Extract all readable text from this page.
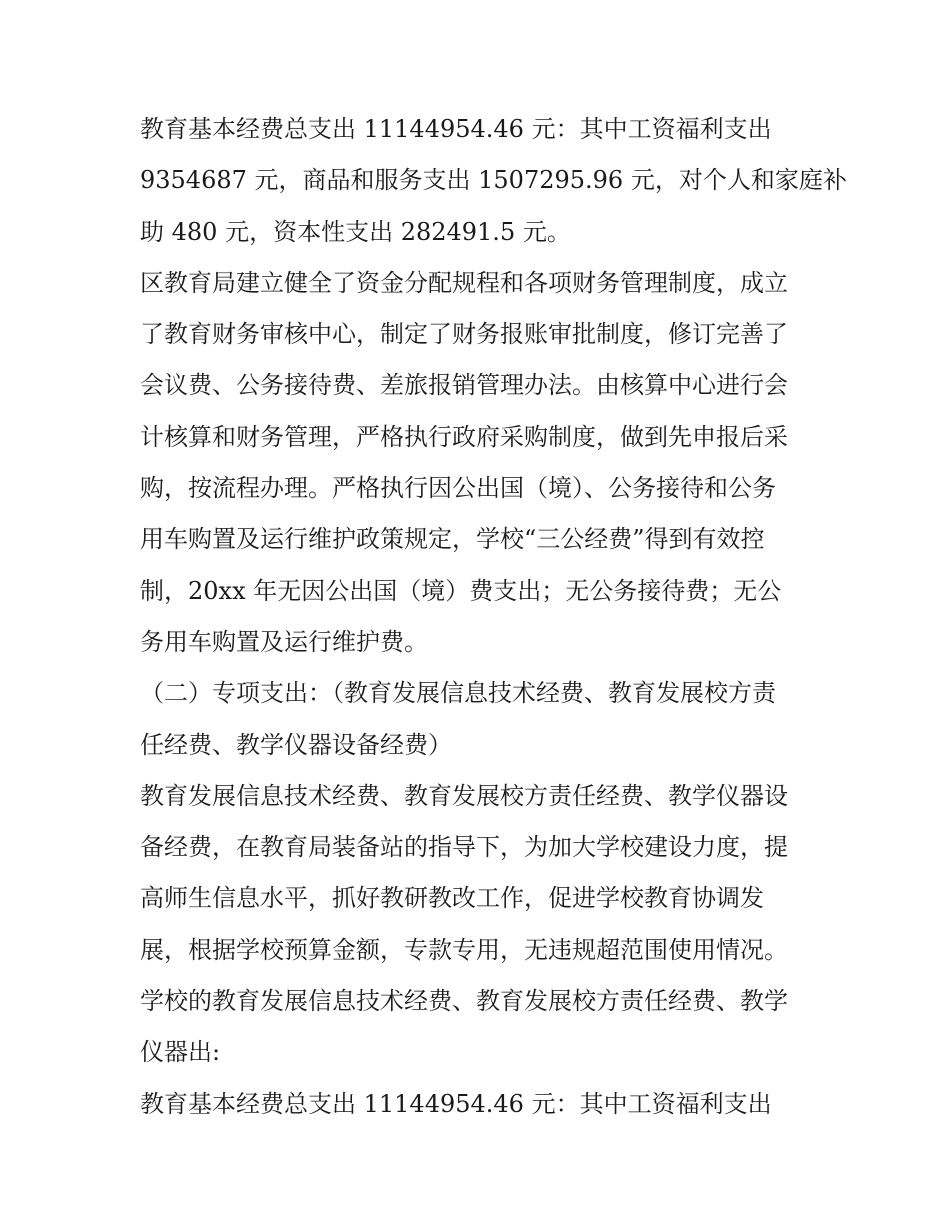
教育基本经费总支出 11144954.46 元：其中工资福利支出
9354687 元，商品和服务支出 1507295.96 元，对个人和家庭补
助 480 元，资本性支出 282491.5 元。
区教育局建立健全了资金分配规程和各项财务管理制度，成立
了教育财务审核中心，制定了财务报账审批制度，修订完善了
会议费、公务接待费、差旅报销管理办法。由核算中心进行会
计核算和财务管理，严格执行政府采购制度，做到先申报后采
购，按流程办理。严格执行因公出国（境）、公务接待和公务
用车购置及运行维护政策规定，学校“三公经费”得到有效控
制，20xx 年无因公出国（境）费支出；无公务接待费；无公
务用车购置及运行维护费。
（二）专项支出：（教育发展信息技术经费、教育发展校方责
任经费、教学仪器设备经费）
教育发展信息技术经费、教育发展校方责任经费、教学仪器设
备经费，在教育局装备站的指导下，为加大学校建设力度，提
高师生信息水平，抓好教研教改工作，促进学校教育协调发
展，根据学校预算金额，专款专用，无违规超范围使用情况。
学校的教育发展信息技术经费、教育发展校方责任经费、教学
仪器出:
教育基本经费总支出 11144954.46 元：其中工资福利支出
